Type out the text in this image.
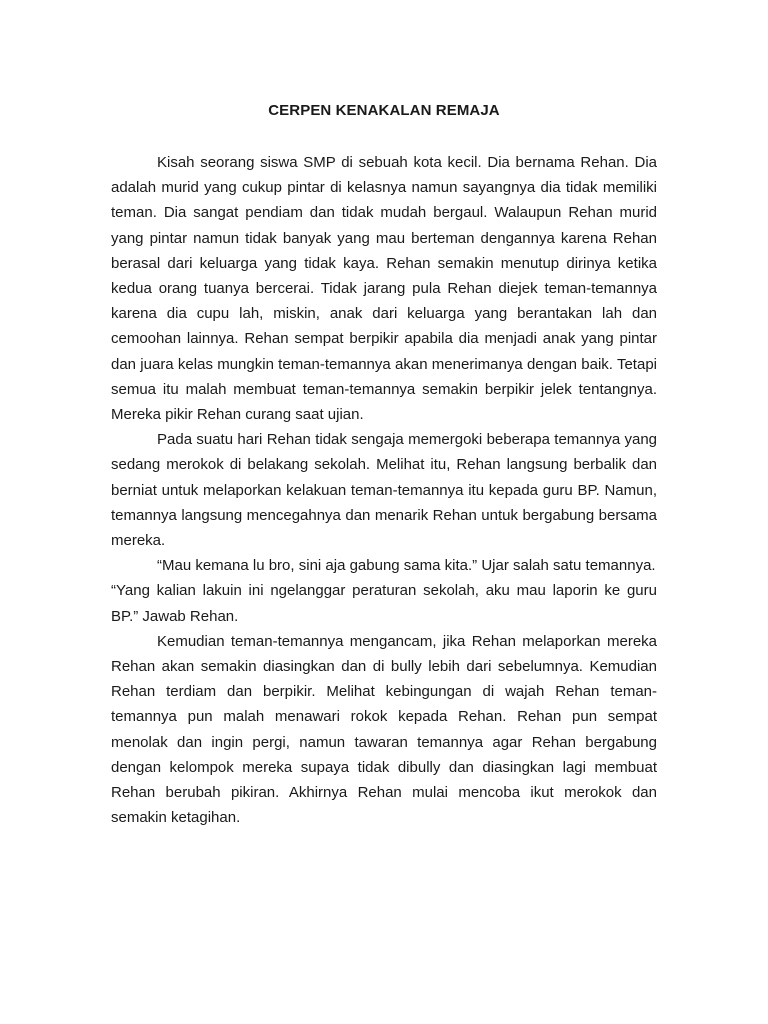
CERPEN KENAKALAN REMAJA

Kisah seorang siswa SMP di sebuah kota kecil. Dia bernama Rehan. Dia adalah murid yang cukup pintar di kelasnya namun sayangnya dia tidak memiliki teman. Dia sangat pendiam dan tidak mudah bergaul. Walaupun Rehan murid yang pintar namun tidak banyak yang mau berteman dengannya karena Rehan berasal dari keluarga yang tidak kaya. Rehan semakin menutup dirinya ketika kedua orang tuanya bercerai. Tidak jarang pula Rehan diejek teman-temannya karena dia cupu lah, miskin, anak dari keluarga yang berantakan lah dan cemoohan lainnya. Rehan sempat berpikir apabila dia menjadi anak yang pintar dan juara kelas mungkin teman-temannya akan menerimanya dengan baik. Tetapi semua itu malah membuat teman-temannya semakin berpikir jelek tentangnya. Mereka pikir Rehan curang saat ujian.

Pada suatu hari Rehan tidak sengaja memergoki beberapa temannya yang sedang merokok di belakang sekolah. Melihat itu, Rehan langsung berbalik dan berniat untuk melaporkan kelakuan teman-temannya itu kepada guru BP. Namun, temannya langsung mencegahnya dan menarik Rehan untuk bergabung bersama mereka.

“Mau kemana lu bro, sini aja gabung sama kita.” Ujar salah satu temannya.

“Yang kalian lakuin ini ngelanggar peraturan sekolah, aku mau laporin ke guru BP.” Jawab Rehan.

Kemudian teman-temannya mengancam, jika Rehan melaporkan mereka Rehan akan semakin diasingkan dan di bully lebih dari sebelumnya. Kemudian Rehan terdiam dan berpikir. Melihat kebingungan di wajah Rehan teman-temannya pun malah menawari rokok kepada Rehan. Rehan pun sempat menolak dan ingin pergi, namun tawaran temannya agar Rehan bergabung dengan kelompok mereka supaya tidak dibully dan diasingkan lagi membuat Rehan berubah pikiran. Akhirnya Rehan mulai mencoba ikut merokok dan semakin ketagihan.
